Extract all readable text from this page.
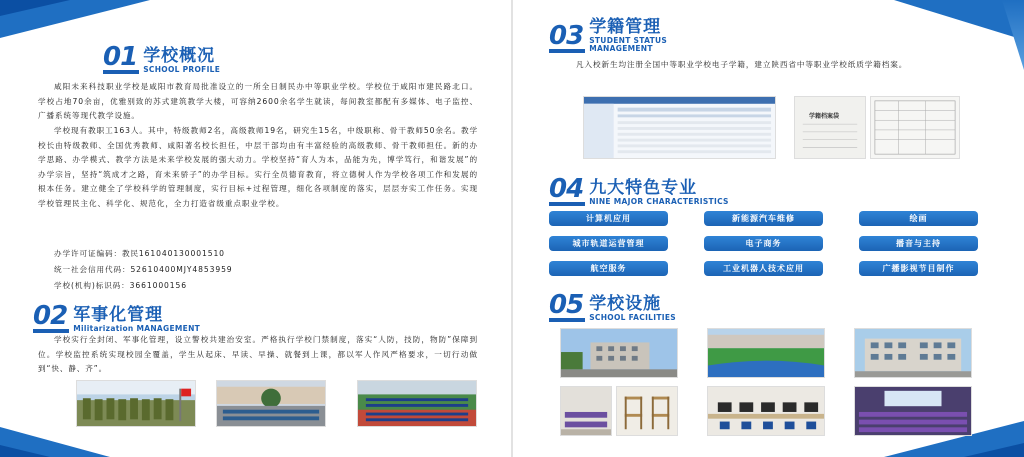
01 学校概况
SCHOOL PROFILE
咸阳未来科技职业学校是咸阳市教育局批准设立的一所全日制民办中等职业学校。学校位于咸阳市建民路北口。学校占地70余亩，优雅别致的苏式建筑教学大楼，可容纳2600余名学生就读，每间教室都配有多媒体、电子监控、广播系统等现代教学设施。
学校现有教职工163人。其中，特级教师2名，高级教师19名，研究生15名，中级职称、骨干教师50余名。教学校长由特级教师、全国优秀教师、咸阳著名校长担任，中层干部均由有丰富经验的高级教师、骨干教师担任。新的办学思路、办学模式、教学方法是未来学校发展的强大动力。学校坚持“育人为本，品能为先，博学笃行，和谐发展”的办学宗旨，坚持“筑成才之路，育未来骄子”的办学目标。实行全员德育教育，将立德树人作为学校各项工作和发展的根本任务。建立健全了学校科学的管理制度，实行目标+过程管理，细化各项制度的落实，层层夯实工作任务。实现学校管理民主化、科学化、规范化，全力打造省级重点职业学校。
办学许可证编码：教民161040130001510
统一社会信用代码：52610400MJY4853959
学校(机构)标识码：3661000156
02 军事化管理
Militarization MANAGEMENT
学校实行全封闭、军事化管理，设立警校共建治安室。严格执行学校门禁制度，落实“人防，技防，物防”保障到位。学校监控系统实现校园全覆盖，学生从起床、早读、早操、就餐到上课，都以军人作风严格要求，一切行动做到“快、静、齐”。
03 学籍管理
STUDENT STATUS
MANAGEMENT
凡入校新生均注册全国中等职业学校电子学籍，建立陕西省中等职业学校纸质学籍档案。
学籍档案袋
04 九大特色专业
NINE MAJOR CHARACTERISTICS
计算机应用	新能源汽车维修	绘画
城市轨道运营管理	电子商务	播音与主持
航空服务	工业机器人技术应用	广播影视节目制作
05 学校设施
SCHOOL FACILITIES
